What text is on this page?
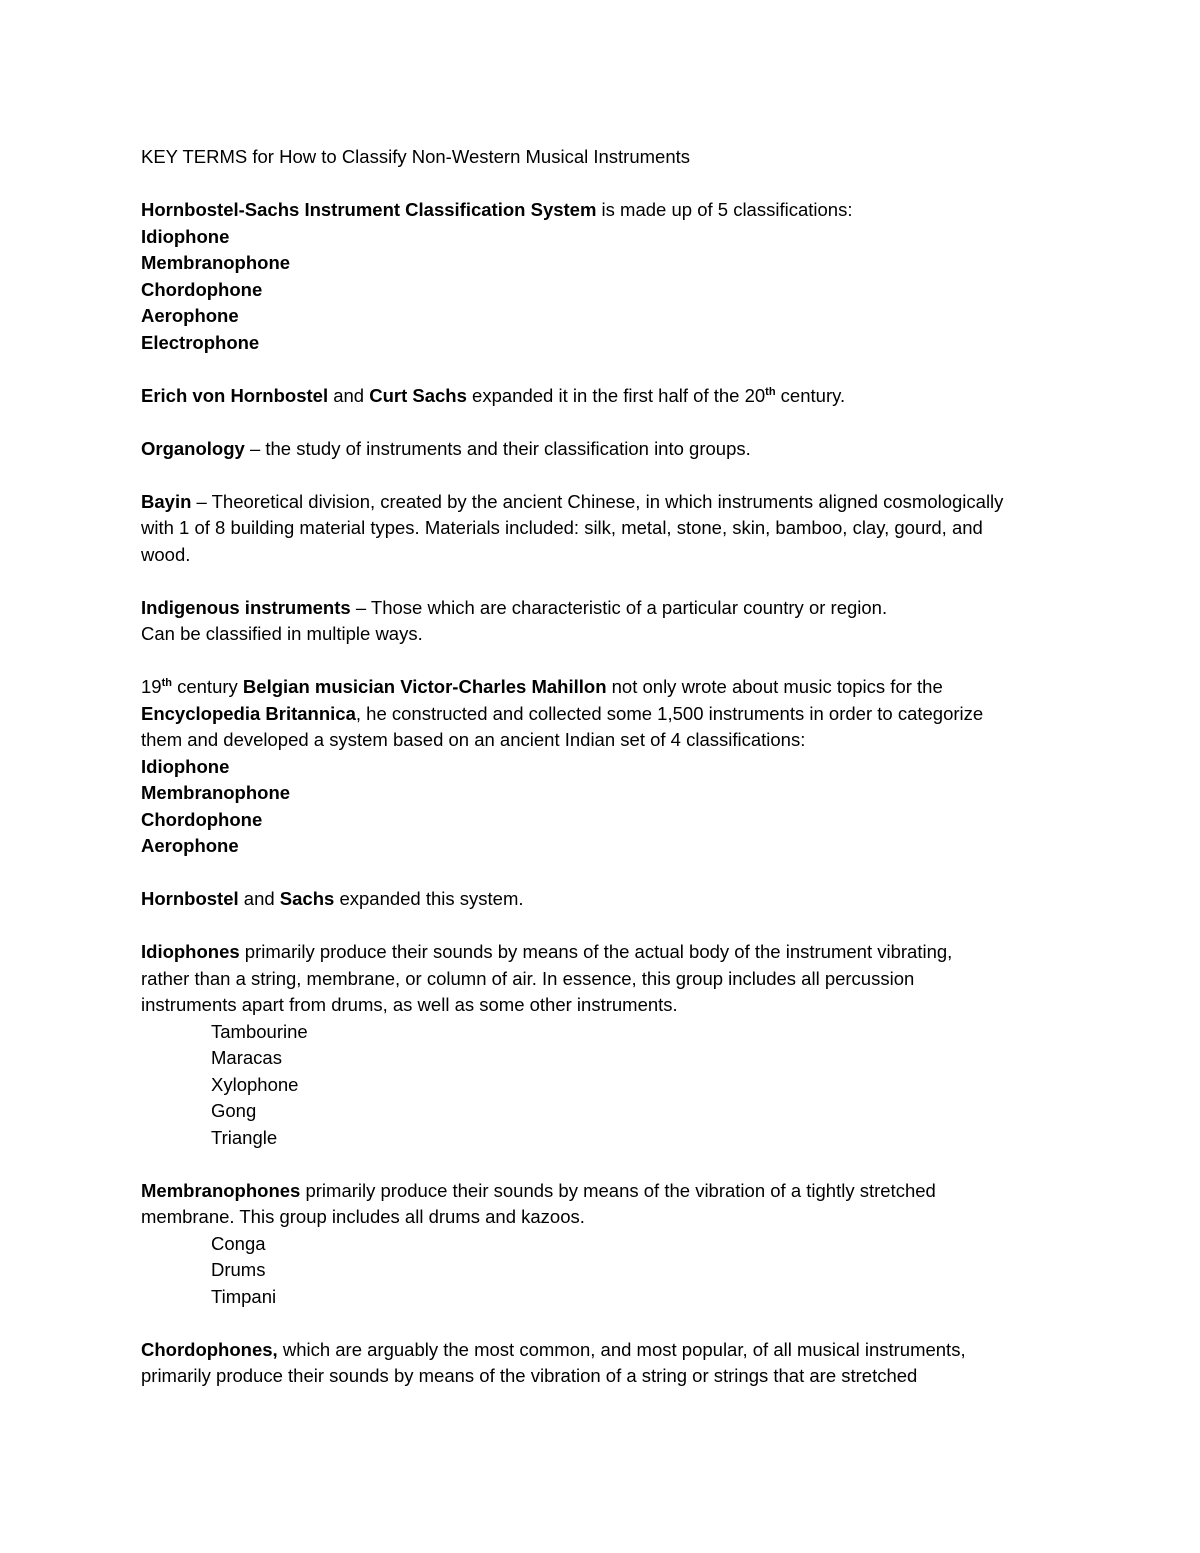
KEY TERMS for How to Classify Non-Western Musical Instruments
Hornbostel-Sachs Instrument Classification System is made up of 5 classifications:
Idiophone
Membranophone
Chordophone
Aerophone
Electrophone
Erich von Hornbostel and Curt Sachs expanded it in the first half of the 20th century.
Organology – the study of instruments and their classification into groups.
Bayin – Theoretical division, created by the ancient Chinese, in which instruments aligned cosmologically
with 1 of 8 building material types. Materials included: silk, metal, stone, skin, bamboo, clay, gourd, and
wood.
Indigenous instruments – Those which are characteristic of a particular country or region.
Can be classified in multiple ways.
19th century Belgian musician Victor-Charles Mahillon not only wrote about music topics for the
Encyclopedia Britannica, he constructed and collected some 1,500 instruments in order to categorize
them and developed a system based on an ancient Indian set of 4 classifications:
Idiophone
Membranophone
Chordophone
Aerophone
Hornbostel and Sachs expanded this system.
Idiophones primarily produce their sounds by means of the actual body of the instrument vibrating,
rather than a string, membrane, or column of air. In essence, this group includes all percussion
instruments apart from drums, as well as some other instruments.
Tambourine
Maracas
Xylophone
Gong
Triangle
Membranophones primarily produce their sounds by means of the vibration of a tightly stretched
membrane. This group includes all drums and kazoos.
Conga
Drums
Timpani
Chordophones, which are arguably the most common, and most popular, of all musical instruments,
primarily produce their sounds by means of the vibration of a string or strings that are stretched
